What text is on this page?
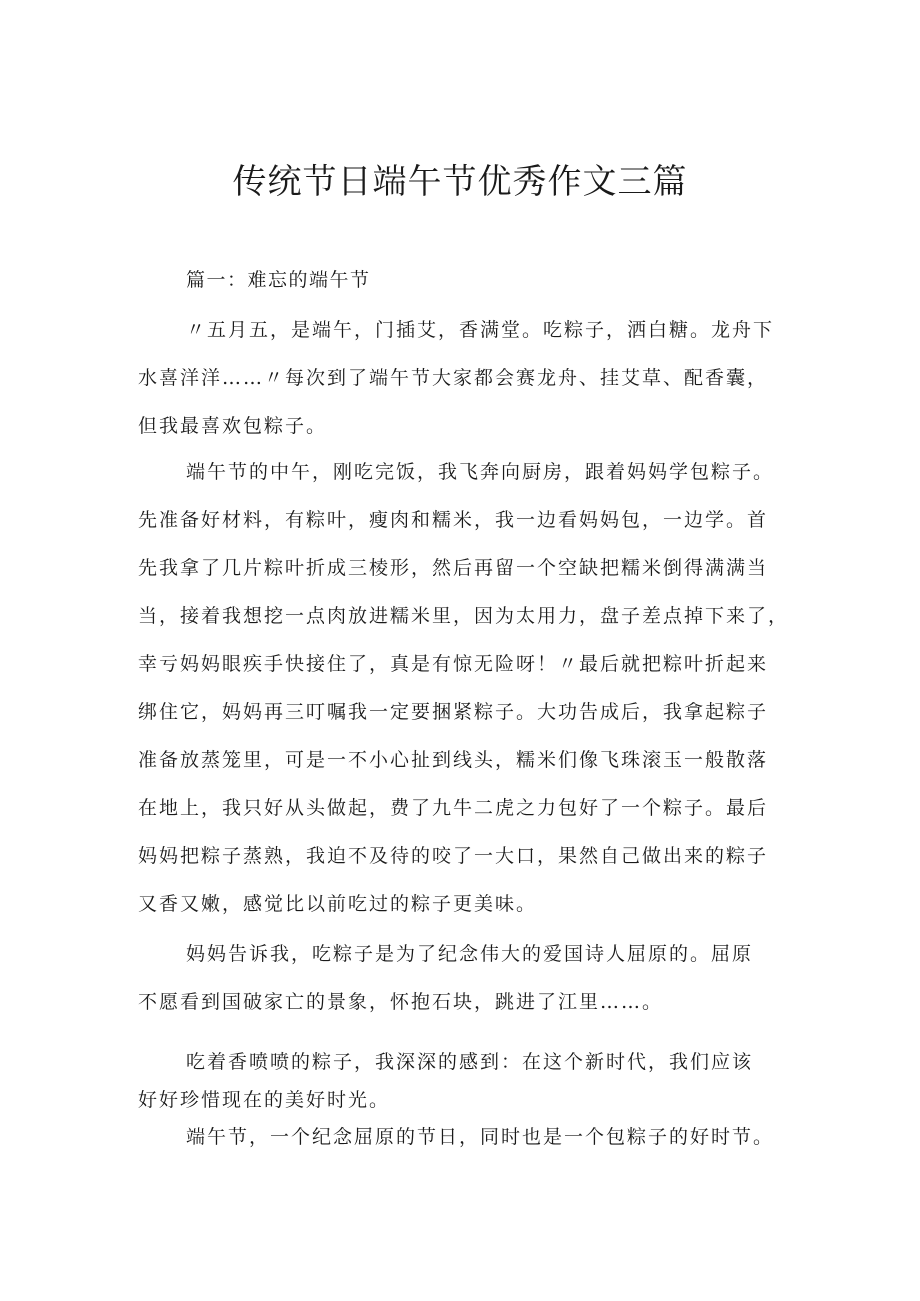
传统节日端午节优秀作文三篇
篇一：难忘的端午节
〃五月五，是端午，门插艾，香满堂。吃粽子，洒白糖。龙舟下
水喜洋洋……〃每次到了端午节大家都会赛龙舟、挂艾草、配香囊，
但我最喜欢包粽子。
端午节的中午，刚吃完饭，我飞奔向厨房，跟着妈妈学包粽子。
先准备好材料，有粽叶，瘦肉和糯米，我一边看妈妈包，一边学。首
先我拿了几片粽叶折成三棱形，然后再留一个空缺把糯米倒得满满当
当，接着我想挖一点肉放进糯米里，因为太用力，盘子差点掉下来了，
幸亏妈妈眼疾手快接住了，真是有惊无险呀！〃最后就把粽叶折起来
绑住它，妈妈再三叮嘱我一定要捆紧粽子。大功告成后，我拿起粽子
准备放蒸笼里，可是一不小心扯到线头，糯米们像飞珠滚玉一般散落
在地上，我只好从头做起，费了九牛二虎之力包好了一个粽子。最后
妈妈把粽子蒸熟，我迫不及待的咬了一大口，果然自己做出来的粽子
又香又嫩，感觉比以前吃过的粽子更美味。
妈妈告诉我，吃粽子是为了纪念伟大的爱国诗人屈原的。屈原
不愿看到国破家亡的景象，怀抱石块，跳进了江里……。
吃着香喷喷的粽子，我深深的感到：在这个新时代，我们应该
好好珍惜现在的美好时光。
端午节，一个纪念屈原的节日，同时也是一个包粽子的好时节。
